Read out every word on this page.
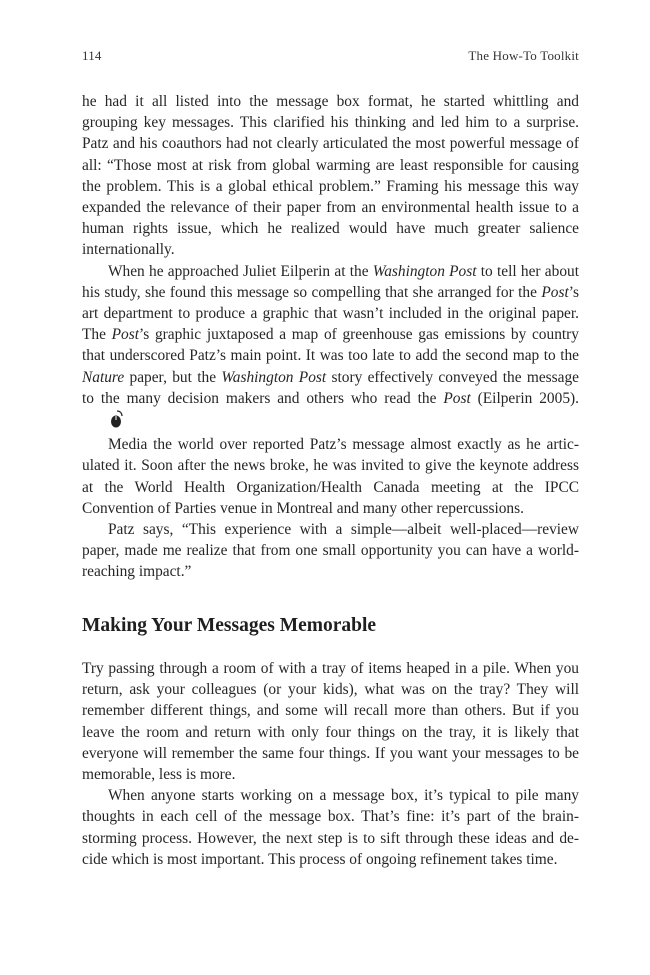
114	The How-To Toolkit

he had it all listed into the message box format, he started whittling and grouping key messages. This clarified his thinking and led him to a surprise. Patz and his coauthors had not clearly articulated the most powerful message of all: “Those most at risk from global warming are least responsible for causing the problem. This is a global ethical problem.” Framing his message this way expanded the relevance of their paper from an environmental health issue to a human rights issue, which he realized would have much greater salience internationally.

When he approached Juliet Eilperin at the Washington Post to tell her about his study, she found this message so compelling that she arranged for the Post’s art department to produce a graphic that wasn’t included in the original paper. The Post’s graphic juxtaposed a map of greenhouse gas emissions by country that underscored Patz’s main point. It was too late to add the second map to the Nature paper, but the Washington Post story effectively conveyed the message to the many decision makers and others who read the Post (Eilperin 2005).

Media the world over reported Patz’s message almost exactly as he articulated it. Soon after the news broke, he was invited to give the keynote address at the World Health Organization/Health Canada meeting at the IPCC Convention of Parties venue in Montreal and many other repercussions.

Patz says, “This experience with a simple—albeit well-placed—review paper, made me realize that from one small opportunity you can have a world-reaching impact.”

Making Your Messages Memorable

Try passing through a room of with a tray of items heaped in a pile. When you return, ask your colleagues (or your kids), what was on the tray? They will remember different things, and some will recall more than others. But if you leave the room and return with only four things on the tray, it is likely that everyone will remember the same four things. If you want your messages to be memorable, less is more.

When anyone starts working on a message box, it’s typical to pile many thoughts in each cell of the message box. That’s fine: it’s part of the brainstorming process. However, the next step is to sift through these ideas and decide which is most important. This process of ongoing refinement takes time.
